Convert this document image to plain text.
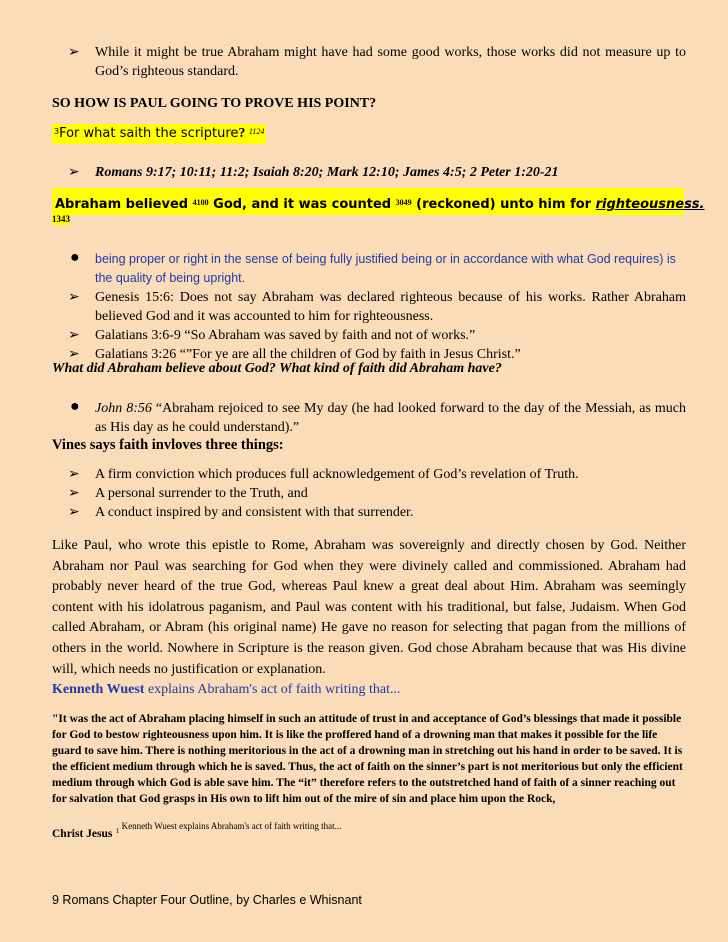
➢ While it might be true Abraham might have had some good works, those works did not measure up to God’s righteous standard.
SO HOW IS PAUL GOING TO PROVE HIS POINT?
$^3$For what saith the scripture? $^{1124}$
➢ Romans 9:17; 10:11; 11:2; Isaiah 8:20; Mark 12:10; James 4:5; 2 Peter 1:20-21
Abraham believed $^{4100}$ God, and it was counted $^{3049}$ (reckoned) unto him for righteousness.
1343
● being proper or right in the sense of being fully justified being or in accordance with what God requires) is the quality of being upright.
➢ Genesis 15:6: Does not say Abraham was declared righteous because of his works. Rather Abraham believed God and it was accounted to him for righteousness.
➢ Galatians 3:6-9 “So Abraham was saved by faith and not of works.”
➢ Galatians 3:26 “”For ye are all the children of God by faith in Jesus Christ.”
What did Abraham believe about God? What kind of faith did Abraham have?
● John 8:56 “Abraham rejoiced to see My day (he had looked forward to the day of the Messiah, as much as His day as he could understand).”
Vines says faith invloves three things:
➢ A firm conviction which produces full acknowledgement of God’s revelation of Truth.
➢ A personal surrender to the Truth, and
➢ A conduct inspired by and consistent with that surrender.
Like Paul, who wrote this epistle to Rome, Abraham was sovereignly and directly chosen by God. Neither Abraham nor Paul was searching for God when they were divinely called and commissioned. Abraham had probably never heard of the true God, whereas Paul knew a great deal about Him. Abraham was seemingly content with his idolatrous paganism, and Paul was content with his traditional, but false, Judaism. When God called Abraham, or Abram (his original name) He gave no reason for selecting that pagan from the millions of others in the world. Nowhere in Scripture is the reason given. God chose Abraham because that was His divine will, which needs no justification or explanation.
Kenneth Wuest explains Abraham's act of faith writing that...
"It was the act of Abraham placing himself in such an attitude of trust in and acceptance of God’s blessings that made it possible for God to bestow righteousness upon him. It is like the proffered hand of a drowning man that makes it possible for the life guard to save him. There is nothing meritorious in the act of a drowning man in stretching out his hand in order to be saved. It is the efficient medium through which he is saved. Thus, the act of faith on the sinner’s part is not meritorious but only the efficient medium through which God is able save him. The “it” therefore refers to the outstretched hand of faith of a sinner reaching out for salvation that God grasps in His own to lift him out of the mire of sin and place him upon the Rock,
Christ Jesus $^1$ $^{Kenneth Wuest explains Abraham's act of faith writing that...}$
9 Romans Chapter Four Outline, by Charles e Whisnant
